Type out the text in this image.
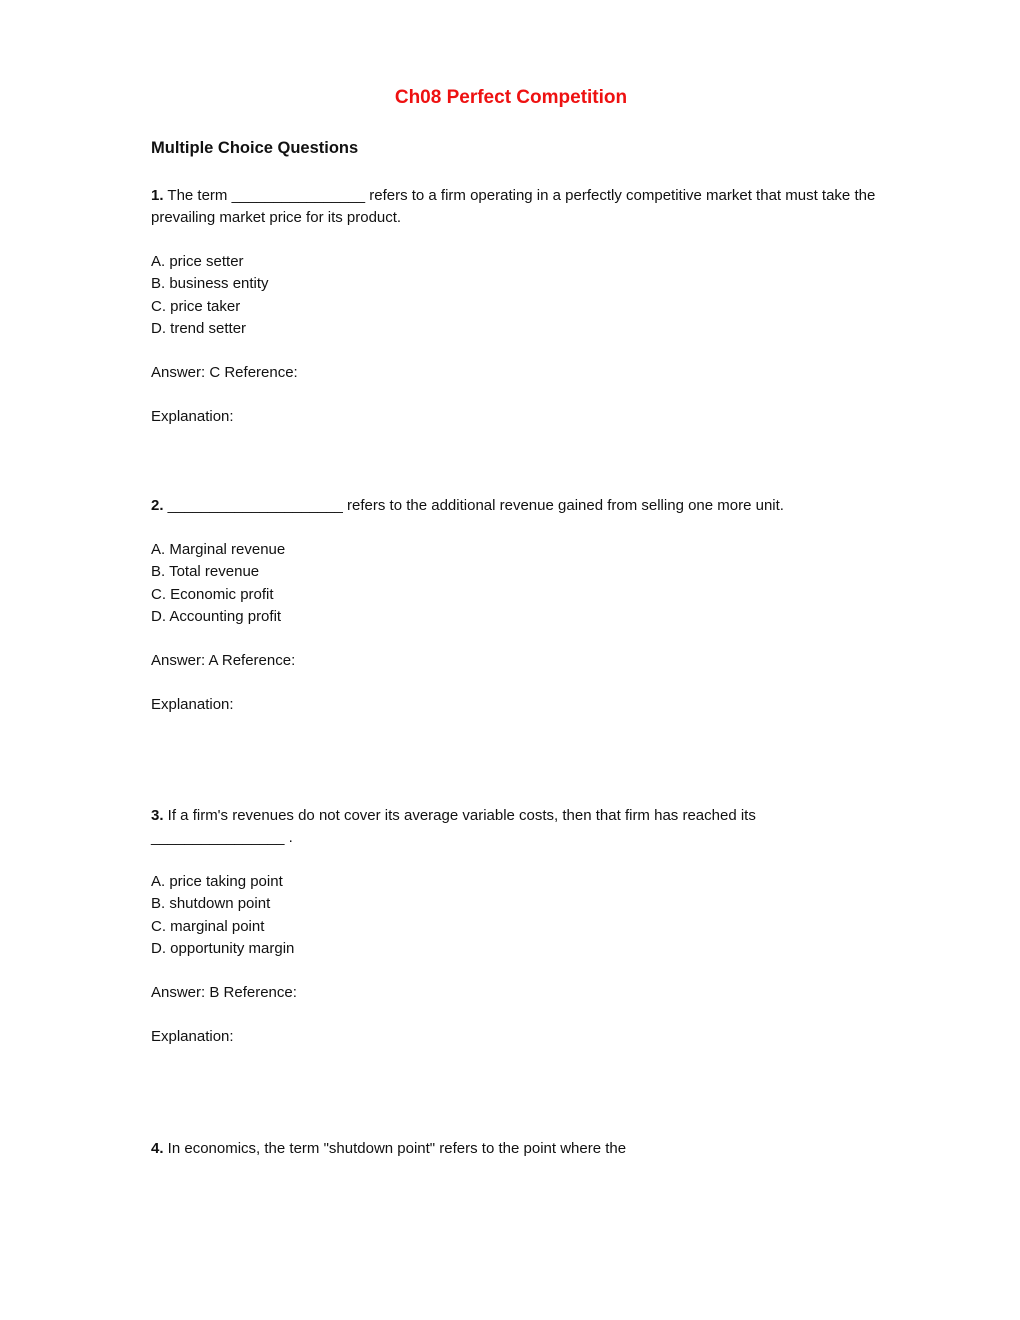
Ch08 Perfect Competition
Multiple Choice Questions

1. The term ________________ refers to a firm operating in a perfectly competitive market that must take the prevailing market price for its product.

A. price setter
B. business entity
C. price taker
D. trend setter

Answer: C Reference:

Explanation:

2. _____________________ refers to the additional revenue gained from selling one more unit.

A. Marginal revenue
B. Total revenue
C. Economic profit
D. Accounting profit

Answer: A Reference:

Explanation:

3. If a firm's revenues do not cover its average variable costs, then that firm has reached its ________________ .

A. price taking point
B. shutdown point
C. marginal point
D. opportunity margin

Answer: B Reference:

Explanation:

4. In economics, the term "shutdown point" refers to the point where the
